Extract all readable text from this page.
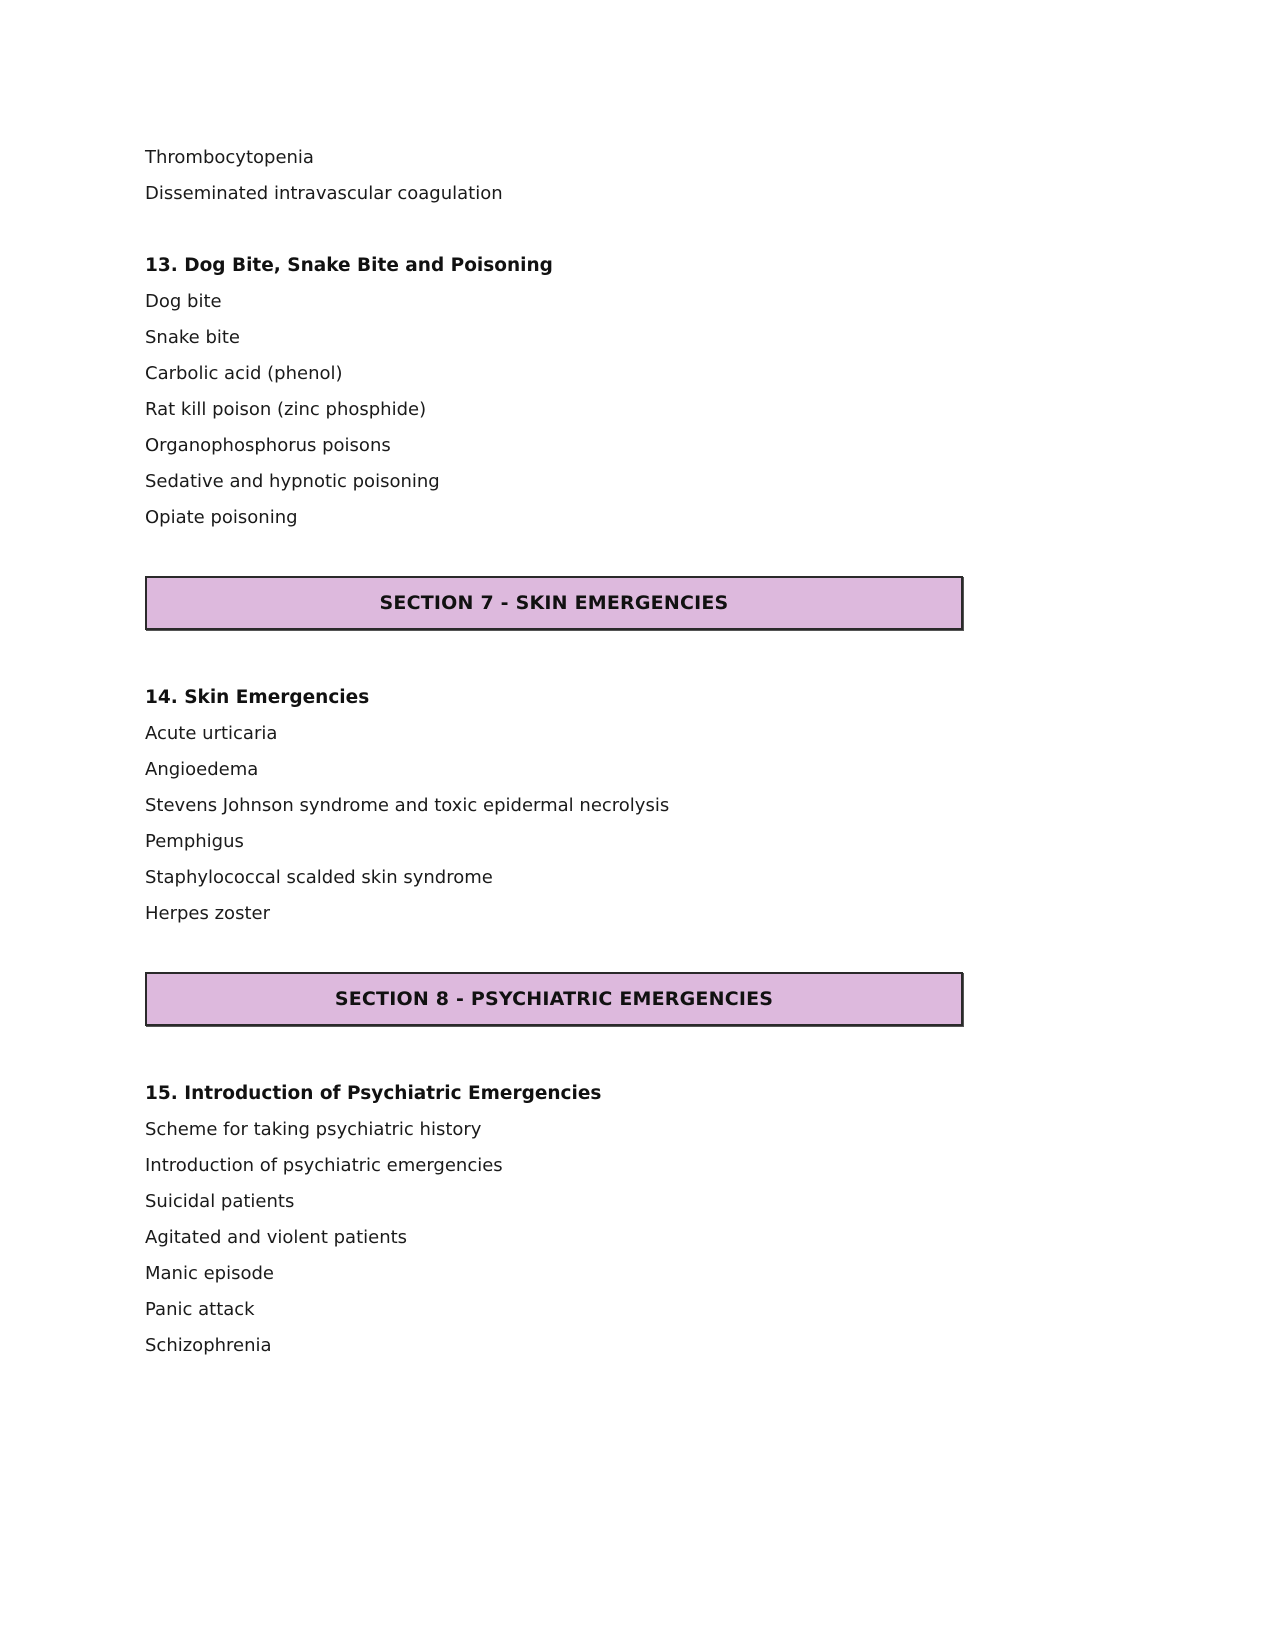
Thrombocytopenia

Disseminated intravascular coagulation

13. Dog Bite, Snake Bite and Poisoning

Dog bite

Snake bite

Carbolic acid (phenol)

Rat kill poison (zinc phosphide)

Organophosphorus poisons

Sedative and hypnotic poisoning

Opiate poisoning

SECTION 7 - SKIN EMERGENCIES
14. Skin Emergencies

Acute urticaria

Angioedema

Stevens Johnson syndrome and toxic epidermal necrolysis

Pemphigus

Staphylococcal scalded skin syndrome

Herpes zoster

SECTION 8 - PSYCHIATRIC EMERGENCIES
15. Introduction of Psychiatric Emergencies

Scheme for taking psychiatric history

Introduction of psychiatric emergencies

Suicidal patients

Agitated and violent patients

Manic episode

Panic attack

Schizophrenia
